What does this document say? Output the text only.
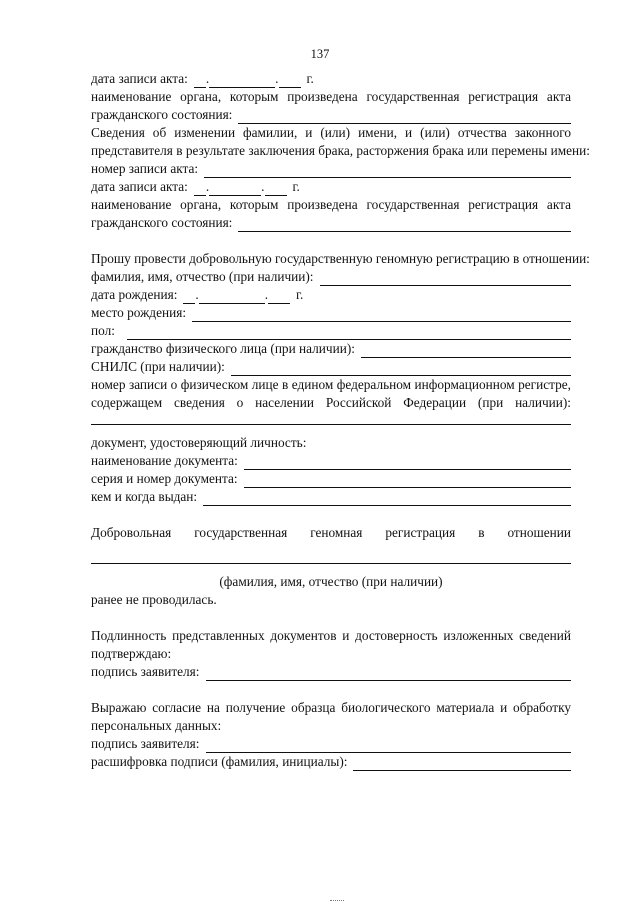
137
дата записи акта: .	. г.
наименование органа, которым произведена государственная регистрация акта
гражданского состояния:
Сведения об изменении фамилии, и (или) имени, и (или) отчества законного
представителя в результате заключения брака, расторжения брака или перемены имени:
номер записи акта:
дата записи акта: .	. г.
наименование органа, которым произведена государственная регистрация акта
гражданского состояния:
Прошу провести добровольную государственную геномную регистрацию в отношении:
фамилия, имя, отчество (при наличии):
дата рождения: .	. г.
место рождения:
пол:
гражданство физического лица (при наличии):
СНИЛС (при наличии):
номер записи о физическом лице в едином федеральном информационном регистре,
содержащем сведения о населении Российской Федерации (при наличии):
документ, удостоверяющий личность:
наименование документа:
серия и номер документа:
кем и когда выдан:
Добровольная государственная геномная регистрация в отношении
(фамилия, имя, отчество (при наличии)
ранее не проводилась.
Подлинность представленных документов и достоверность изложенных сведений
подтверждаю:
подпись заявителя:
Выражаю согласие на получение образца биологического материала и обработку
персональных данных:
подпись заявителя:
расшифровка подписи (фамилия, инициалы):
